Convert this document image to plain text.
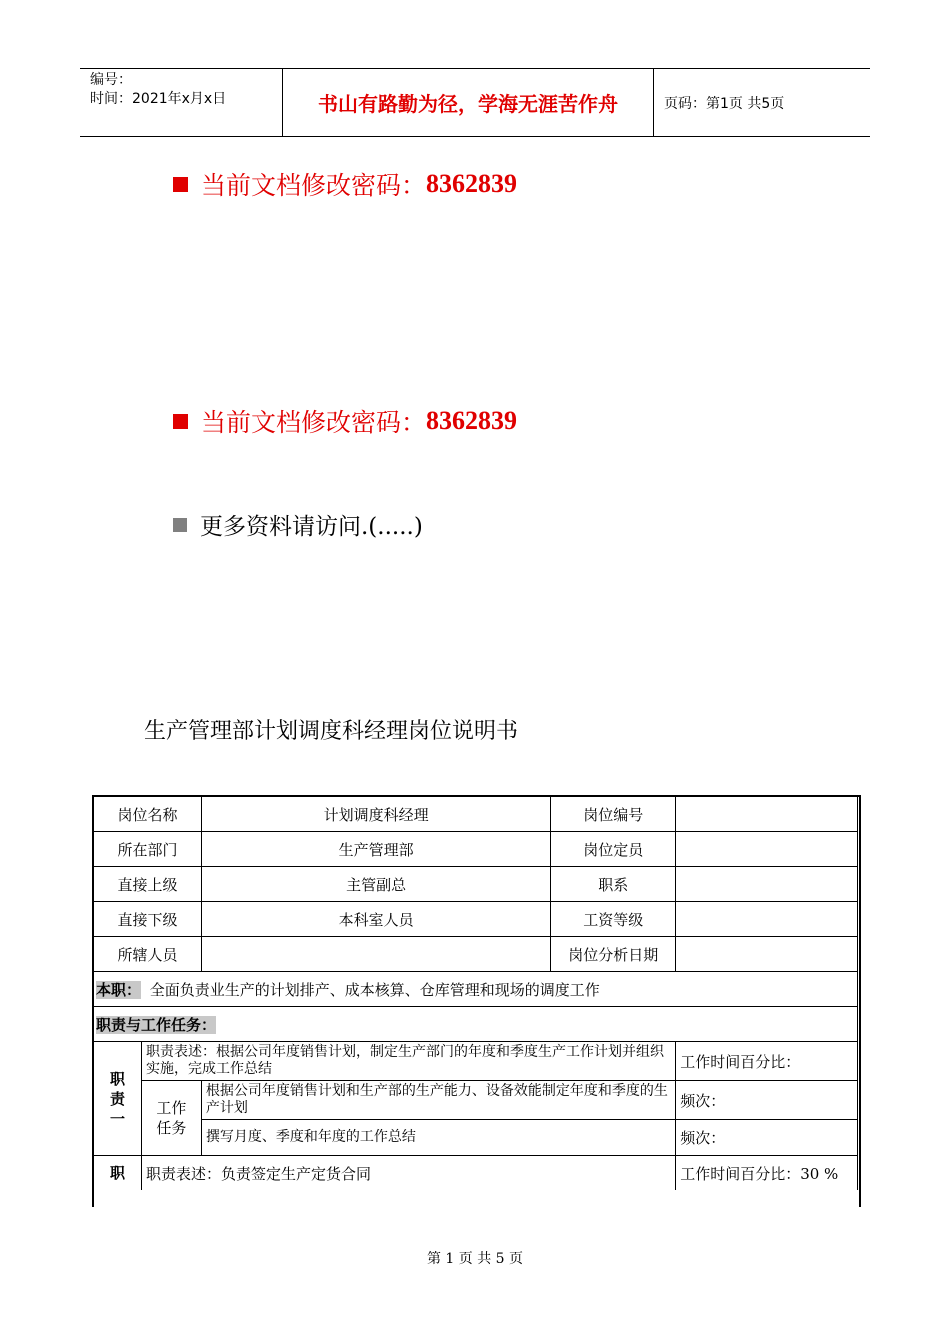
编号：
时间：2021年x月x日	书山有路勤为径，学海无涯苦作舟	页码：第1页 共5页
当前文档修改密码： 8362839
当前文档修改密码： 8362839
更多资料请访问.(.....)
生产管理部计划调度科经理岗位说明书
岗位名称		计划调度科经理	岗位编号	
所在部门		生产管理部	岗位定员	
直接上级		主管副总	职系	
直接下级		本科室人员	工资等级	
所辖人员			岗位分析日期	
本职： 全面负责业生产的计划排产、成本核算、仓库管理和现场的调度工作				
职责与工作任务：				
职责一	职责表述：根据公司年度销售计划，制定生产部门的年度和季度生产工作计划并组织实施，完成工作总结			工作时间百分比：
	工作任务	根据公司年度销售计划和生产部的生产能力、设备效能制定年度和季度的生产计划		频次：
		撰写月度、季度和年度的工作总结		频次：
职	职责表述：负责签定生产定货合同			工作时间百分比：30 %
第 1 页 共 5 页
